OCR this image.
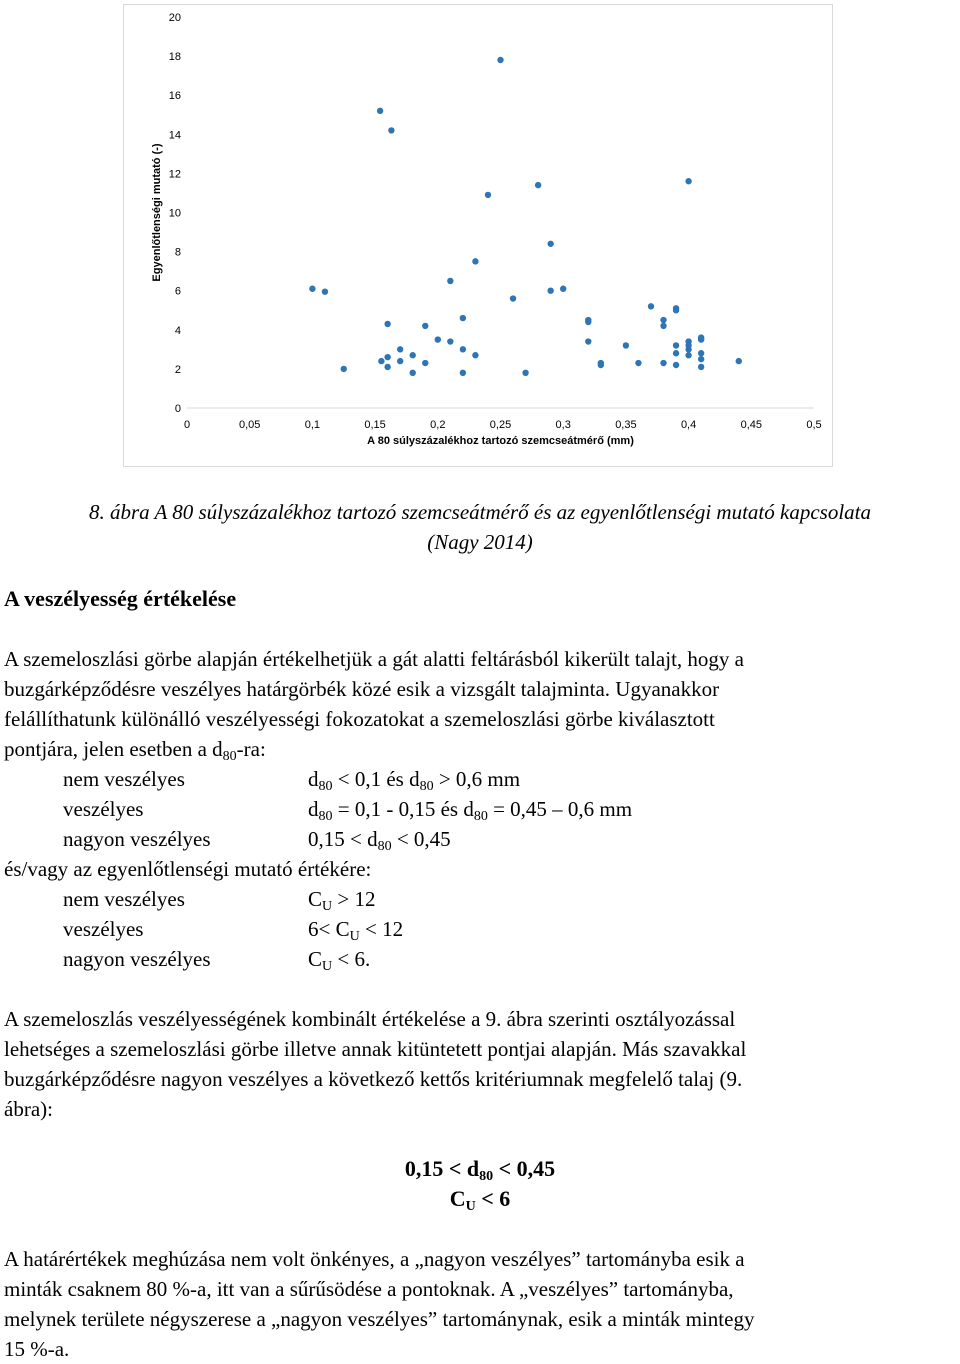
0
2
4
6
8
10
12
14
16
18
20
0	0,05	0,1	0,15	0,2	0,25	0,3	0,35	0,4	0,45	0,5
A 80 súlyszázalékhoz tartozó szemcseátmérő (mm)
Egyenlőtlenségi mutató (-)
8. ábra A 80 súlyszázalékhoz tartozó szemcseátmérő és az egyenlőtlenségi mutató kapcsolata
(Nagy 2014)
A veszélyesség értékelése
A szemeloszlási görbe alapján értékelhetjük a gát alatti feltárásból kikerült talajt, hogy a
buzgárképződésre veszélyes határgörbék közé esik a vizsgált talajminta. Ugyanakkor
felállíthatunk különálló veszélyességi fokozatokat a szemeloszlási görbe kiválasztott
pontjára, jelen esetben a $d_{80}-ra$:
nem veszélyes	$d_{80} < 0,1$ és $d_{80} > 0,6$ mm
veszélyes	$d_{80} = 0,1 - 0,15$ és $d_{80} = 0,45 - 0,6$ mm
nagyon veszélyes	$0,15 < d_{80} < 0,45$
és/vagy az egyenlőtlenségi mutató értékére:
nem veszélyes	$C_U > 12$
veszélyes	$6< C_U < 12$
nagyon veszélyes	$C_U < 6$.
A szemeloszlás veszélyességének kombinált értékelése a 9. ábra szerinti osztályozással
lehetséges a szemeloszlási görbe illetve annak kitüntetett pontjai alapján. Más szavakkal
buzgárképződésre nagyon veszélyes a következő kettős kritériumnak megfelelő talaj (9.
ábra):
$0,15 < d_{80} < 0,45$
$C_U < 6$
A határértékek meghúzása nem volt önkényes, a „nagyon veszélyes” tartományba esik a
minták csaknem 80 %-a, itt van a sűrűsödése a pontoknak. A „veszélyes” tartományba,
melynek területe négyszerese a „nagyon veszélyes” tartománynak, esik a minták mintegy
15 %-a.
